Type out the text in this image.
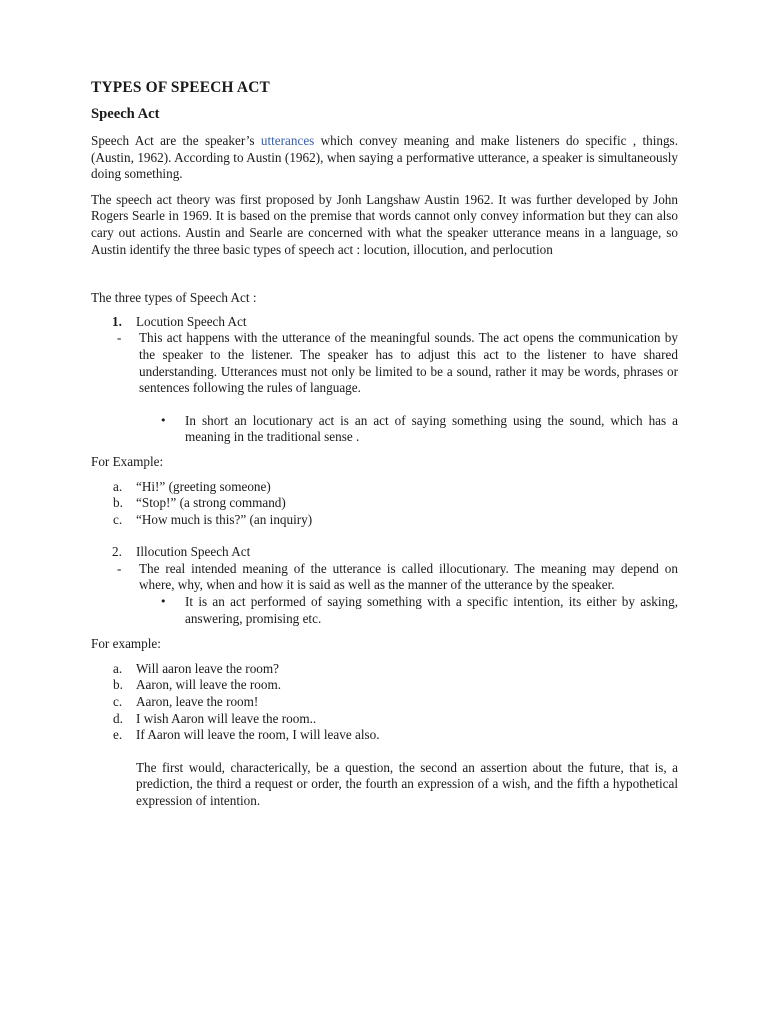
TYPES OF SPEECH ACT

Speech Act

Speech Act are the speaker’s utterances which convey meaning and make listeners do specific , things. (Austin, 1962). According to Austin (1962), when saying a performative utterance, a speaker is simultaneously doing something.

The speech act theory was first proposed by Jonh Langshaw Austin 1962. It was further developed by John Rogers Searle in 1969. It is based on the premise that words cannot only convey information but they can also cary out actions. Austin and Searle are concerned with what the speaker utterance means in a language, so Austin identify the three basic types of speech act : locution, illocution, and perlocution

The three types of Speech Act :

1. Locution Speech Act
- This act happens with the utterance of the meaningful sounds. The act opens the communication by the speaker to the listener. The speaker has to adjust this act to the listener to have shared understanding. Utterances must not only be limited to be a sound, rather it may be words, phrases or sentences following the rules of language.
• In short an locutionary act is an act of saying something using the sound, which has a meaning in the traditional sense .

For Example:

a. “Hi!” (greeting someone)
b. “Stop!” (a strong command)
c. “How much is this?” (an inquiry)
2. Illocution Speech Act
- The real intended meaning of the utterance is called illocutionary. The meaning may depend on where, why, when and how it is said as well as the manner of the utterance by the speaker.
• It is an act performed of saying something with a specific intention, its either by asking, answering, promising etc.

For example:

a. Will aaron leave the room?
b. Aaron, will leave the room.
c. Aaron, leave the room!
d. I wish Aaron will leave the room..
e. If Aaron will leave the room, I will leave also.

The first would, characterically, be a question, the second an assertion about the future, that is, a prediction, the third a request or order, the fourth an expression of a wish, and the fifth a hypothetical expression of intention.
